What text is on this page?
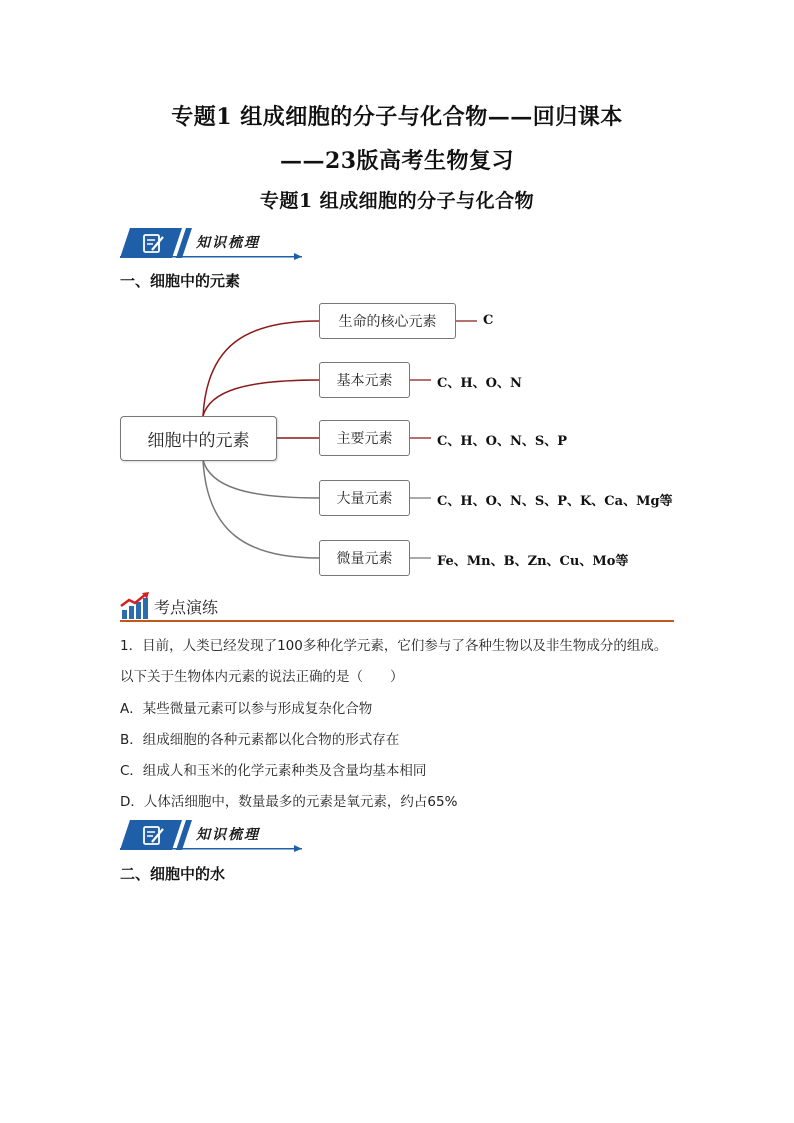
专题1 组成细胞的分子与化合物——回归课本
——23版高考生物复习
专题1 组成细胞的分子与化合物
知识梳理
一、细胞中的元素
细胞中的元素
生命的核心元素
基本元素
主要元素
大量元素
微量元素
C
C、H、O、N
C、H、O、N、S、P
C、H、O、N、S、P、K、Ca、Mg等
Fe、Mn、B、Zn、Cu、Mo等
考点演练
1．目前，人类已经发现了100多种化学元素，它们参与了各种生物以及非生物成分的组成。
以下关于生物体内元素的说法正确的是（　　）
A．某些微量元素可以参与形成复杂化合物
B．组成细胞的各种元素都以化合物的形式存在
C．组成人和玉米的化学元素种类及含量均基本相同
D．人体活细胞中，数量最多的元素是氧元素，约占65%
知识梳理
二、细胞中的水
